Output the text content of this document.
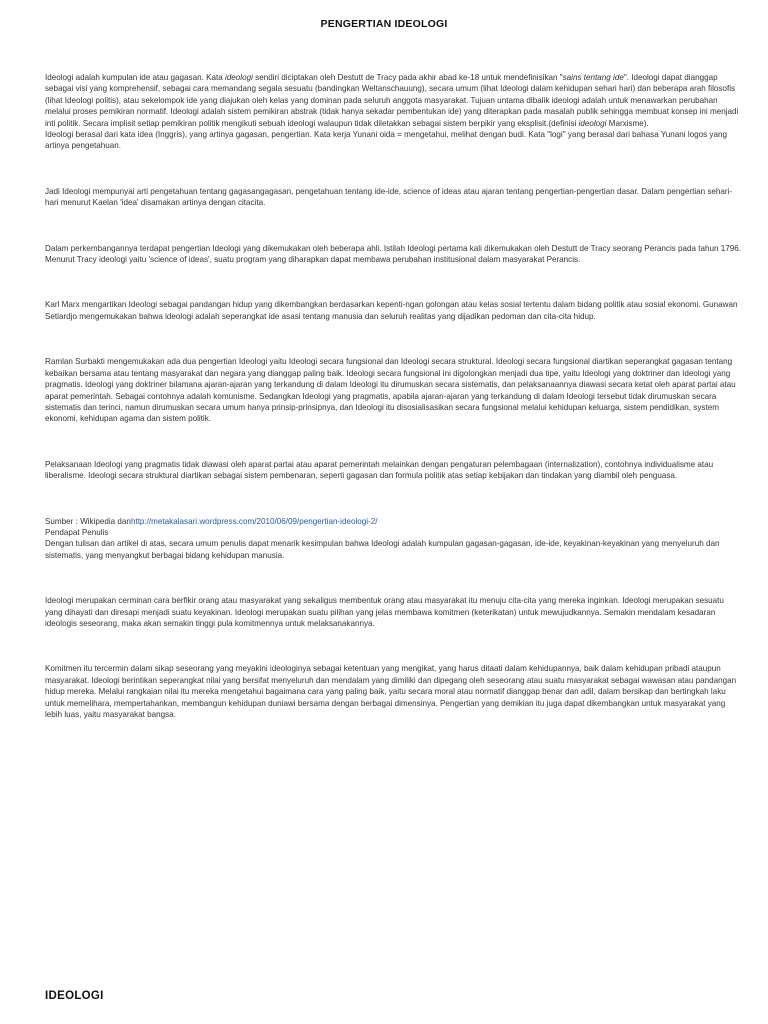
PENGERTIAN IDEOLOGI

Ideologi adalah kumpulan ide atau gagasan. Kata ideologi sendiri diciptakan oleh Destutt de Tracy pada akhir abad ke-18 untuk mendefinisikan "sains tentang ide". Ideologi dapat dianggap sebagai visi yang komprehensif, sebagai cara memandang segala sesuatu (bandingkan Weltanschauung), secara umum (lihat Ideologi dalam kehidupan sehari hari) dan beberapa arah filosofis (lihat Ideologi politis), atau sekelompok ide yang diajukan oleh kelas yang dominan pada seluruh anggota masyarakat. Tujuan untama dibalik ideologi adalah untuk menawarkan perubahan melalui proses pemikiran normatif. Ideologi adalah sistem pemikiran abstrak (tidak hanya sekadar pembentukan ide) yang diterapkan pada masalah publik sehingga membuat konsep ini menjadi inti politik. Secara implisit setiap pemikiran politik mengikuti sebuah ideologi walaupun tidak diletakkan sebagai sistem berpikir yang eksplisit.(definisi ideologi Marxisme).

Ideologi berasal dari kata idea (Inggris), yang artinya gagasan, pengertian. Kata kerja Yunani oida = mengetahui, melihat dengan budi. Kata "logi" yang berasal dari bahasa Yunani logos yang artinya pengetahuan.

Jadi Ideologi mempunyai arti pengetahuan tentang gagasangagasan, pengetahuan tentang ide-ide, science of ideas atau ajaran tentang pengertian-pengertian dasar. Dalam pengertian sehari-hari menurut Kaelan 'idea' disamakan artinya dengan citacita.

Dalam perkembangannya terdapat pengertian Ideologi yang dikemukakan oleh beberapa ahli. Istilah Ideologi pertama kali dikemukakan oleh Destutt de Tracy seorang Perancis pada tahun 1796. Menurut Tracy ideologi yaitu 'science of ideas', suatu program yang diharapkan dapat membawa perubahan institusional dalam masyarakat Perancis.

Karl Marx mengartikan Ideologi sebagai pandangan hidup yang dikembangkan berdasarkan kepenti-ngan golongan atau kelas sosial tertentu dalam bidang politik atau sosial ekonomi. Gunawan Setiardjo mengemukakan bahwa ideologi adalah seperangkat ide asasi tentang manusia dan seluruh realitas yang dijadikan pedoman dan cita-cita hidup.

Ramlan Surbakti mengemukakan ada dua pengertian Ideologi yaitu Ideologi secara fungsional dan Ideologi secara struktural. Ideologi secara fungsional diartikan seperangkat gagasan tentang kebaikan bersama atau tentang masyarakat dan negara yang dianggap paling baik. Ideologi secara fungsional ini digolongkan menjadi dua tipe, yaitu Ideologi yang doktriner dan Ideologi yang pragmatis. Ideologi yang doktriner bilamana ajaran-ajaran yang terkandung di dalam Ideologi itu dirumuskan secara sistematis, dan pelaksanaannya diawasi secara ketat oleh aparat partai atau aparat pemerintah. Sebagai contohnya adalah komunisme. Sedangkan Ideologi yang pragmatis, apabila ajaran-ajaran yang terkandung di dalam Ideologi tersebut tidak dirumuskan secara sistematis dan terinci, namun dirumuskan secara umum hanya prinsip-prinsipnya, dan Ideologi itu disosialisasikan secara fungsional melalui kehidupan keluarga, sistem pendidikan, system ekonomi, kehidupan agama dan sistem politik.

Pelaksanaan Ideologi yang pragmatis tidak diawasi oleh aparat partai atau aparat pemerintah melainkan dengan pengaturan pelembagaan (internalization), contohnya individualisme atau liberalisme. Ideologi secara struktural diartikan sebagai sistem pembenaran, seperti gagasan dan formula politik atas setiap kebijakan dan tindakan yang diambil oleh penguasa.

Sumber : Wikipedia danhttp://metakalasari.wordpress.com/2010/06/09/pengertian-ideologi-2/

Pendapat Penulis

Dengan tulisan dan artikel di atas, secara umum penulis dapat menarik kesimpulan bahwa Ideologi adalah kumpulan gagasan-gagasan, ide-ide, keyakinan-keyakinan yang menyeluruh dan sistematis, yang menyangkut berbagai bidang kehidupan manusia.

Ideologi merupakan cerminan cara berfikir orang atau masyarakat yang sekaligus membentuk orang atau masyarakat itu menuju cita-cita yang mereka inginkan. Ideologi merupakan sesuatu yang dihayati dan diresapi menjadi suatu keyakinan. Ideologi merupakan suatu pilihan yang jelas membawa komitmen (keterikatan) untuk mewujudkannya. Semakin mendalam kesadaran ideologis seseorang, maka akan semakin tinggi pula komitmennya untuk melaksanakannya.

Komitmen itu tercermin dalam sikap seseorang yang meyakini ideologinya sebagai ketentuan yang mengikat, yang harus ditaati dalam kehidupannya, baik dalam kehidupan pribadi ataupun masyarakat. Ideologi berintikan seperangkat nilai yang bersifat menyeluruh dan mendalam yang dimiliki dan dipegang oleh seseorang atau suatu masyarakat sebagai wawasan atau pandangan hidup mereka. Melalui rangkaian nilai itu mereka mengetahui bagaimana cara yang paling baik, yaitu secara moral atau normatif dianggap benar dan adil, dalam bersikap dan bertingkah laku untuk memelihara, mempertahankan, membangun kehidupan duniawi bersama dengan berbagai dimensinya. Pengertian yang demikian itu juga dapat dikembangkan untuk masyarakat yang lebih luas, yaitu masyarakat bangsa.

IDEOLOGI
